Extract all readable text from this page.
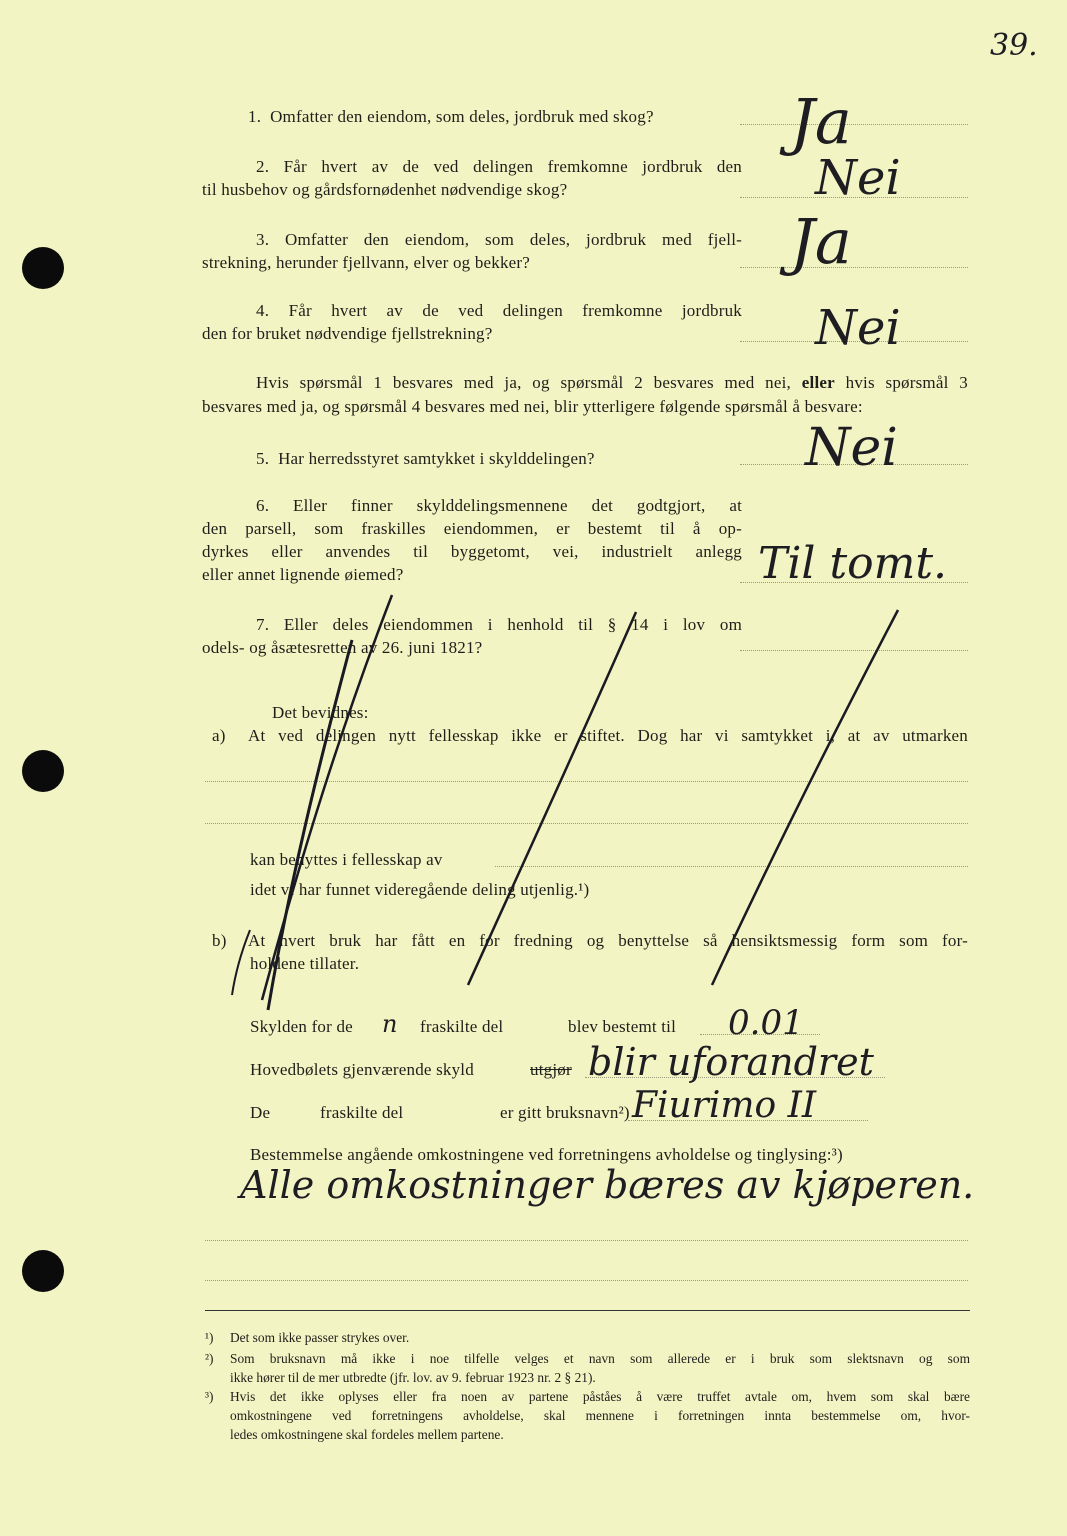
39.
1. Omfatter den eiendom, som deles, jordbruk med skog? Ja
2. Får hvert av de ved delingen fremkomne jordbruk den
til husbehov og gårdsfornødenhet nødvendige skog?	Nei
3. Omfatter den eiendom, som deles, jordbruk med fjell-
strekning, herunder fjellvann, elver og bekker?	Ja
4. Får hvert av de ved delingen fremkomne jordbruk
den for bruket nødvendige fjellstrekning?	Nei
Hvis spørsmål 1 besvares med ja, og spørsmål 2 besvares med nei, eller hvis spørsmål 3
besvares med ja, og spørsmål 4 besvares med nei, blir ytterligere følgende spørsmål å besvare:
5. Har herredsstyret samtykket i skylddelingen?	Nei
6. Eller finner skylddelingsmennene det godtgjort, at
den parsell, som fraskilles eiendommen, er bestemt til å op-
dyrkes eller anvendes til byggetomt, vei, industrielt anlegg
eller annet lignende øiemed?	Til tomt.
7. Eller deles eiendommen i henhold til § 14 i lov om
odels- og åsætesretten av 26. juni 1821?
Det bevidnes:
a) At ved delingen nytt fellesskap ikke er stiftet. Dog har vi samtykket i, at av utmarken
kan benyttes i fellesskap av
idet vi har funnet videregående deling utjenlig.¹)
b) At hvert bruk har fått en for fredning og benyttelse så hensiktsmessig form som for-
holdene tillater.
Skylden for de n fraskilte del	blev bestemt til 0.01
Hovedbølets gjenværende skyld	utgjør blir uforandret
De	fraskilte del	er gitt bruksnavn²) Fiurimo II
Bestemmelse angående omkostningene ved forretningens avholdelse og tinglysing:³)
Alle omkostninger bæres av kjøperen.
¹) Det som ikke passer strykes over.
²) Som bruksnavn må ikke i noe tilfelle velges et navn som allerede er i bruk som slektsnavn og som
ikke hører til de mer utbredte (jfr. lov. av 9. februar 1923 nr. 2 § 21).
³) Hvis det ikke oplyses eller fra noen av partene påståes å være truffet avtale om, hvem som skal bære
omkostningene ved forretningens avholdelse, skal mennene i forretningen innta bestemmelse om, hvor-
ledes omkostningene skal fordeles mellem partene.
